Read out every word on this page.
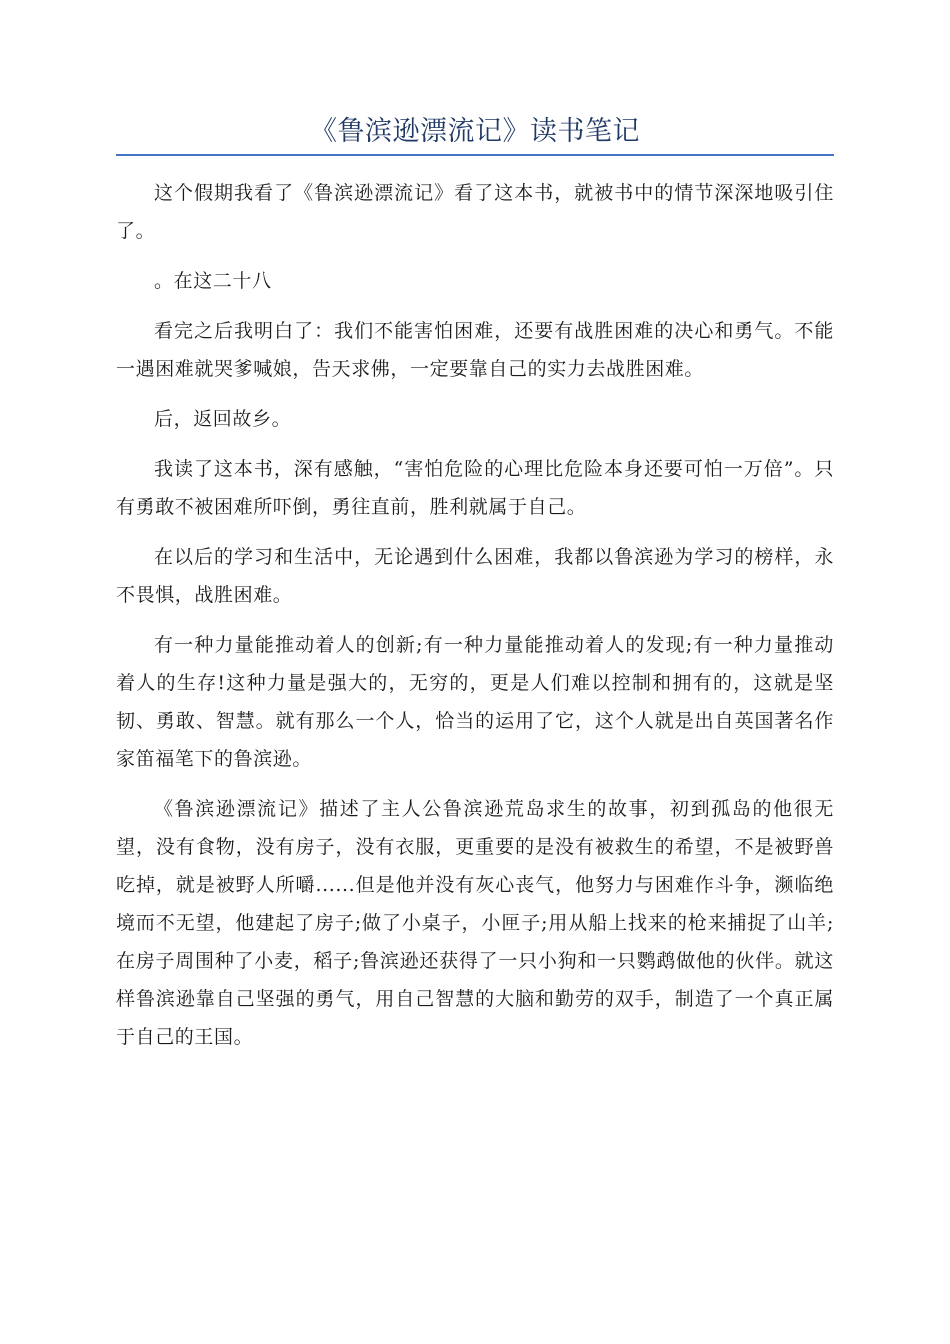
《鲁滨逊漂流记》读书笔记

这个假期我看了《鲁滨逊漂流记》看了这本书，就被书中的情节深深地吸引住了。

。在这二十八

看完之后我明白了：我们不能害怕困难，还要有战胜困难的决心和勇气。不能一遇困难就哭爹喊娘，告天求佛，一定要靠自己的实力去战胜困难。

后，返回故乡。

我读了这本书，深有感触，“害怕危险的心理比危险本身还要可怕一万倍”。只有勇敢不被困难所吓倒，勇往直前，胜利就属于自己。

在以后的学习和生活中，无论遇到什么困难，我都以鲁滨逊为学习的榜样，永不畏惧，战胜困难。

有一种力量能推动着人的创新;有一种力量能推动着人的发现;有一种力量推动着人的生存!这种力量是强大的，无穷的，更是人们难以控制和拥有的，这就是坚韧、勇敢、智慧。就有那么一个人，恰当的运用了它，这个人就是出自英国著名作家笛福笔下的鲁滨逊。

《鲁滨逊漂流记》描述了主人公鲁滨逊荒岛求生的故事，初到孤岛的他很无望，没有食物，没有房子，没有衣服，更重要的是没有被救生的希望，不是被野兽吃掉，就是被野人所嚼......但是他并没有灰心丧气，他努力与困难作斗争，濒临绝境而不无望，他建起了房子;做了小桌子，小匣子;用从船上找来的枪来捕捉了山羊;在房子周围种了小麦，稻子;鲁滨逊还获得了一只小狗和一只鹦鹉做他的伙伴。就这样鲁滨逊靠自己坚强的勇气，用自己智慧的大脑和勤劳的双手，制造了一个真正属于自己的王国。
